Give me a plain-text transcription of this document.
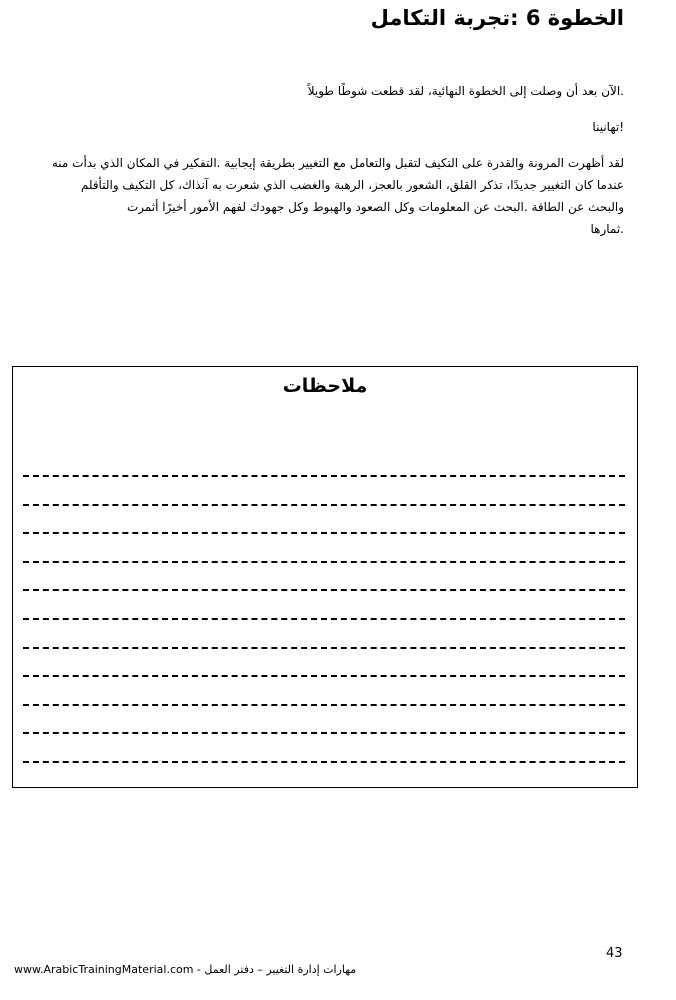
الخطوة 6 :تجربة التكامل

.الآن بعد أن وصلت إلى الخطوة النهائية، لقد قطعت شوطًا طويلاً

!تهانينا

لقد أظهرت المرونة والقدرة على التكيف لتقبل والتعامل مع التغيير بطريقة إيجابية .التفكير في المكان الذي بدأت منه
عندما كان التغيير جديدًا، تذكر القلق، الشعور بالعجز، الرهبة والغضب الذي شعرت به آنذاك، كل التكيف والتأقلم
والبحث عن الطاقة .البحث عن المعلومات وكل الصعود والهبوط وكل جهودك لفهم الأمور أخيرًا أثمرت
.ثمارها
ملاحظات
43
www.ArabicTrainingMaterial.com - مهارات إدارة التغيير – دفتر العمل
